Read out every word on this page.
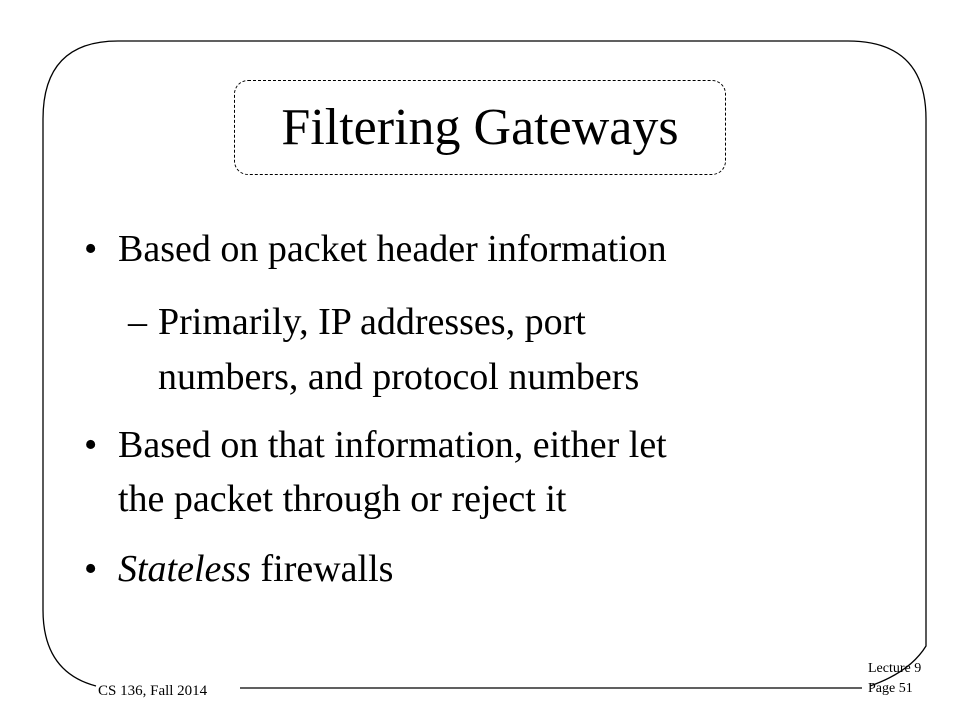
Filtering Gateways
• Based on packet header information
– Primarily, IP addresses, port
numbers, and protocol numbers
• Based on that information, either let
the packet through or reject it
• Stateless firewalls
CS 136, Fall 2014
Lecture 9
Page 51
